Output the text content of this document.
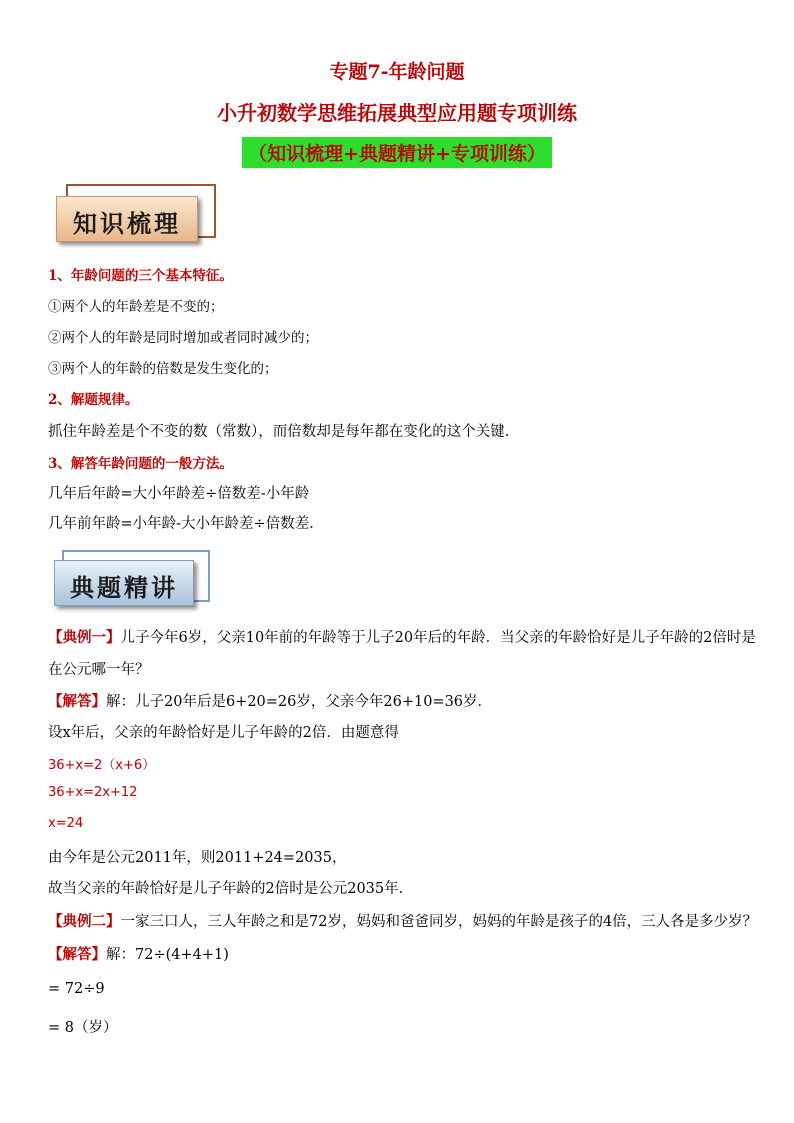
专题7-年龄问题
小升初数学思维拓展典型应用题专项训练
（知识梳理+典题精讲+专项训练）
知识梳理
1、年龄问题的三个基本特征。
①两个人的年龄差是不变的；
②两个人的年龄是同时增加或者同时减少的；
③两个人的年龄的倍数是发生变化的；
2、解题规律。
抓住年龄差是个不变的数（常数），而倍数却是每年都在变化的这个关键．
3、解答年龄问题的一般方法。
几年后年龄=大小年龄差÷倍数差-小年龄
几年前年龄=小年龄-大小年龄差÷倍数差．
典题精讲
【典例一】儿子今年6岁，父亲10年前的年龄等于儿子20年后的年龄．当父亲的年龄恰好是儿子年龄的2倍时是
在公元哪一年？
【解答】解：儿子20年后是6+20=26岁，父亲今年26+10=36岁．
设x年后，父亲的年龄恰好是儿子年龄的2倍．由题意得
36+x=2（x+6）
36+x=2x+12
x=24
由今年是公元2011年，则2011+24=2035，
故当父亲的年龄恰好是儿子年龄的2倍时是公元2035年．
【典例二】一家三口人，三人年龄之和是72岁，妈妈和爸爸同岁，妈妈的年龄是孩子的4倍，三人各是多少岁？
【解答】解：72÷(4+4+1)
= 72÷9
= 8（岁）
